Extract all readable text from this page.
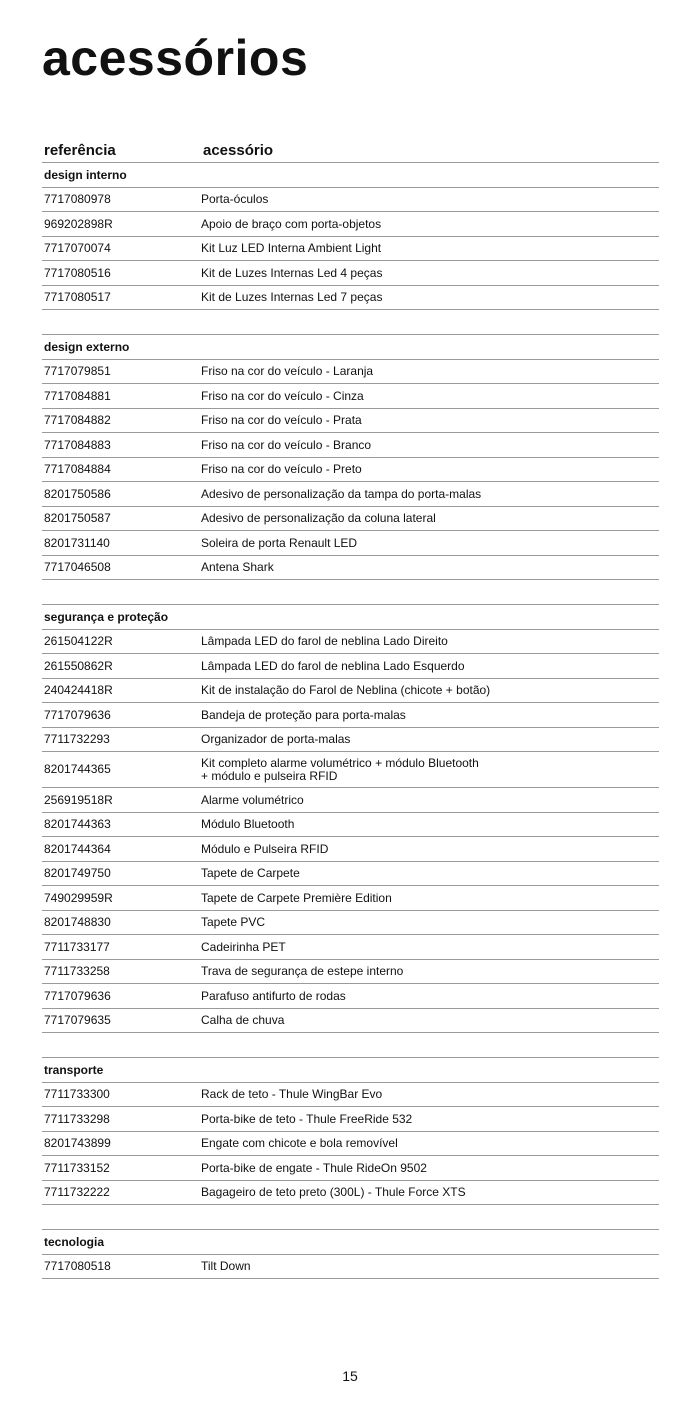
acessórios
referência	acessório
design interno
7717080978	Porta-óculos
969202898R	Apoio de braço com porta-objetos
7717070074	Kit Luz LED Interna Ambient Light
7717080516	Kit de Luzes Internas Led 4 peças
7717080517	Kit de Luzes Internas Led 7 peças
design externo
7717079851	Friso na cor do veículo - Laranja
7717084881	Friso na cor do veículo - Cinza
7717084882	Friso na cor do veículo - Prata
7717084883	Friso na cor do veículo - Branco
7717084884	Friso na cor do veículo - Preto
8201750586	Adesivo de personalização da tampa do porta-malas
8201750587	Adesivo de personalização da coluna lateral
8201731140	Soleira de porta Renault LED
7717046508	Antena Shark
segurança e proteção
261504122R	Lâmpada LED do farol de neblina Lado Direito
261550862R	Lâmpada LED do farol de neblina Lado Esquerdo
240424418R	Kit de instalação do Farol de Neblina (chicote + botão)
7717079636	Bandeja de proteção para porta-malas
7711732293	Organizador de porta-malas
8201744365	Kit completo alarme volumétrico + módulo Bluetooth
+ módulo e pulseira RFID
256919518R	Alarme volumétrico
8201744363	Módulo Bluetooth
8201744364	Módulo e Pulseira RFID
8201749750	Tapete de Carpete
749029959R	Tapete de Carpete Première Edition
8201748830	Tapete PVC
7711733177	Cadeirinha PET
7711733258	Trava de segurança de estepe interno
7717079636	Parafuso antifurto de rodas
7717079635	Calha de chuva
transporte
7711733300	Rack de teto - Thule WingBar Evo
7711733298	Porta-bike de teto - Thule FreeRide 532
8201743899	Engate com chicote e bola removível
7711733152	Porta-bike de engate - Thule RideOn 9502
7711732222	Bagageiro de teto preto (300L) - Thule Force XTS
tecnologia
7717080518	Tilt Down
15
